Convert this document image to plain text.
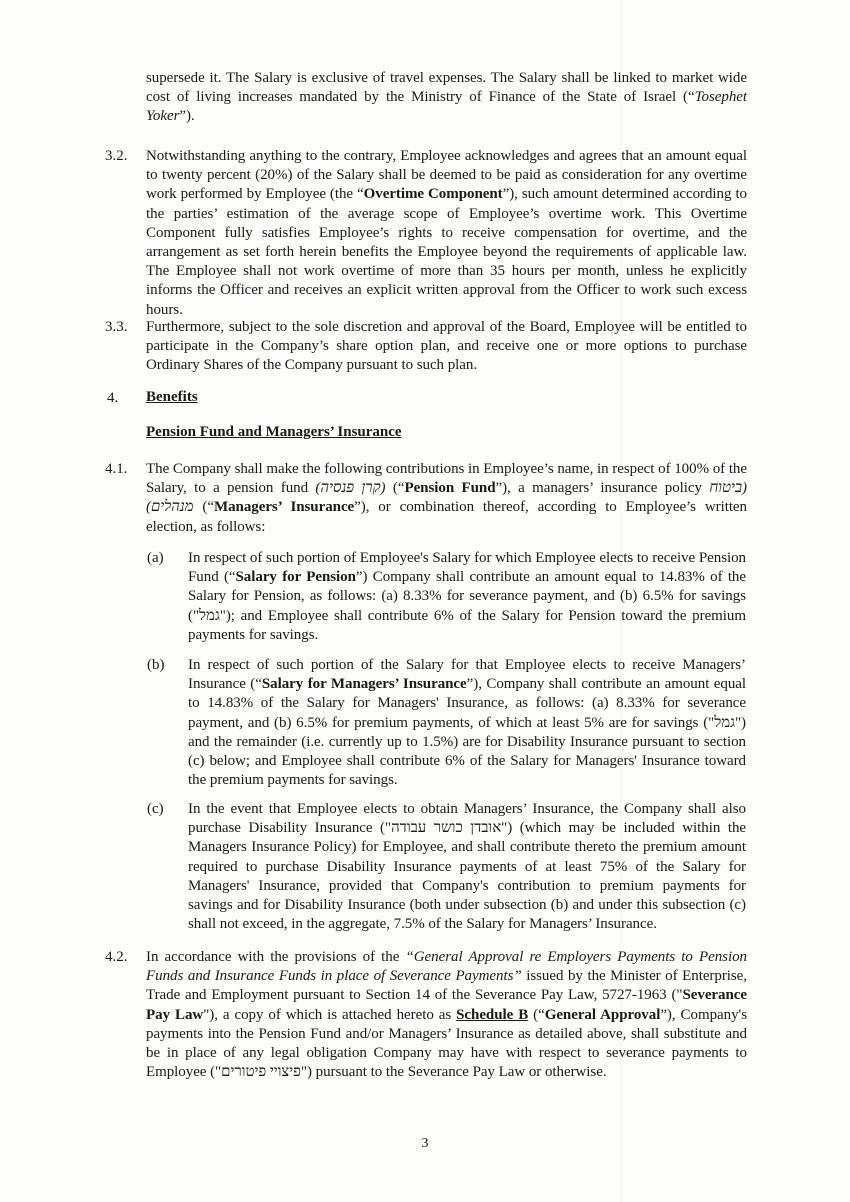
supersede it. The Salary is exclusive of travel expenses. The Salary shall be linked to market wide cost of living increases mandated by the Ministry of Finance of the State of Israel (“Tosephet Yoker”).

3.2. Notwithstanding anything to the contrary, Employee acknowledges and agrees that an amount equal to twenty percent (20%) of the Salary shall be deemed to be paid as consideration for any overtime work performed by Employee (the “Overtime Component”), such amount determined according to the parties’ estimation of the average scope of Employee’s overtime work. This Overtime Component fully satisfies Employee’s rights to receive compensation for overtime, and the arrangement as set forth herein benefits the Employee beyond the requirements of applicable law. The Employee shall not work overtime of more than 35 hours per month, unless he explicitly informs the Officer and receives an explicit written approval from the Officer to work such excess hours.

3.3. Furthermore, subject to the sole discretion and approval of the Board, Employee will be entitled to participate in the Company’s share option plan, and receive one or more options to purchase Ordinary Shares of the Company pursuant to such plan.

4. Benefits

Pension Fund and Managers’ Insurance

4.1. The Company shall make the following contributions in Employee’s name, in respect of 100% of the Salary, to a pension fund (קרן פנסיה) (“Pension Fund”), a managers’ insurance policy (ביטוח מנהלים) (“Managers’ Insurance”), or combination thereof, according to Employee’s written election, as follows:

(a) In respect of such portion of Employee's Salary for which Employee elects to receive Pension Fund (“Salary for Pension”) Company shall contribute an amount equal to 14.83% of the Salary for Pension, as follows: (a) 8.33% for severance payment, and (b) 6.5% for savings ("גמל"); and Employee shall contribute 6% of the Salary for Pension toward the premium payments for savings.

(b) In respect of such portion of the Salary for that Employee elects to receive Managers’ Insurance (“Salary for Managers’ Insurance”), Company shall contribute an amount equal to 14.83% of the Salary for Managers' Insurance, as follows: (a) 8.33% for severance payment, and (b) 6.5% for premium payments, of which at least 5% are for savings ("גמל") and the remainder (i.e. currently up to 1.5%) are for Disability Insurance pursuant to section (c) below; and Employee shall contribute 6% of the Salary for Managers' Insurance toward the premium payments for savings.

(c) In the event that Employee elects to obtain Managers’ Insurance, the Company shall also purchase Disability Insurance ("אובדן כושר עבודה") (which may be included within the Managers Insurance Policy) for Employee, and shall contribute thereto the premium amount required to purchase Disability Insurance payments of at least 75% of the Salary for Managers' Insurance, provided that Company's contribution to premium payments for savings and for Disability Insurance (both under subsection (b) and under this subsection (c) shall not exceed, in the aggregate, 7.5% of the Salary for Managers’ Insurance.

4.2. In accordance with the provisions of the “General Approval re Employers Payments to Pension Funds and Insurance Funds in place of Severance Payments” issued by the Minister of Enterprise, Trade and Employment pursuant to Section 14 of the Severance Pay Law, 5727-1963 ("Severance Pay Law"), a copy of which is attached hereto as Schedule B (“General Approval”), Company's payments into the Pension Fund and/or Managers’ Insurance as detailed above, shall substitute and be in place of any legal obligation Company may have with respect to severance payments to Employee ("פיצויי פיטורים") pursuant to the Severance Pay Law or otherwise.

3
